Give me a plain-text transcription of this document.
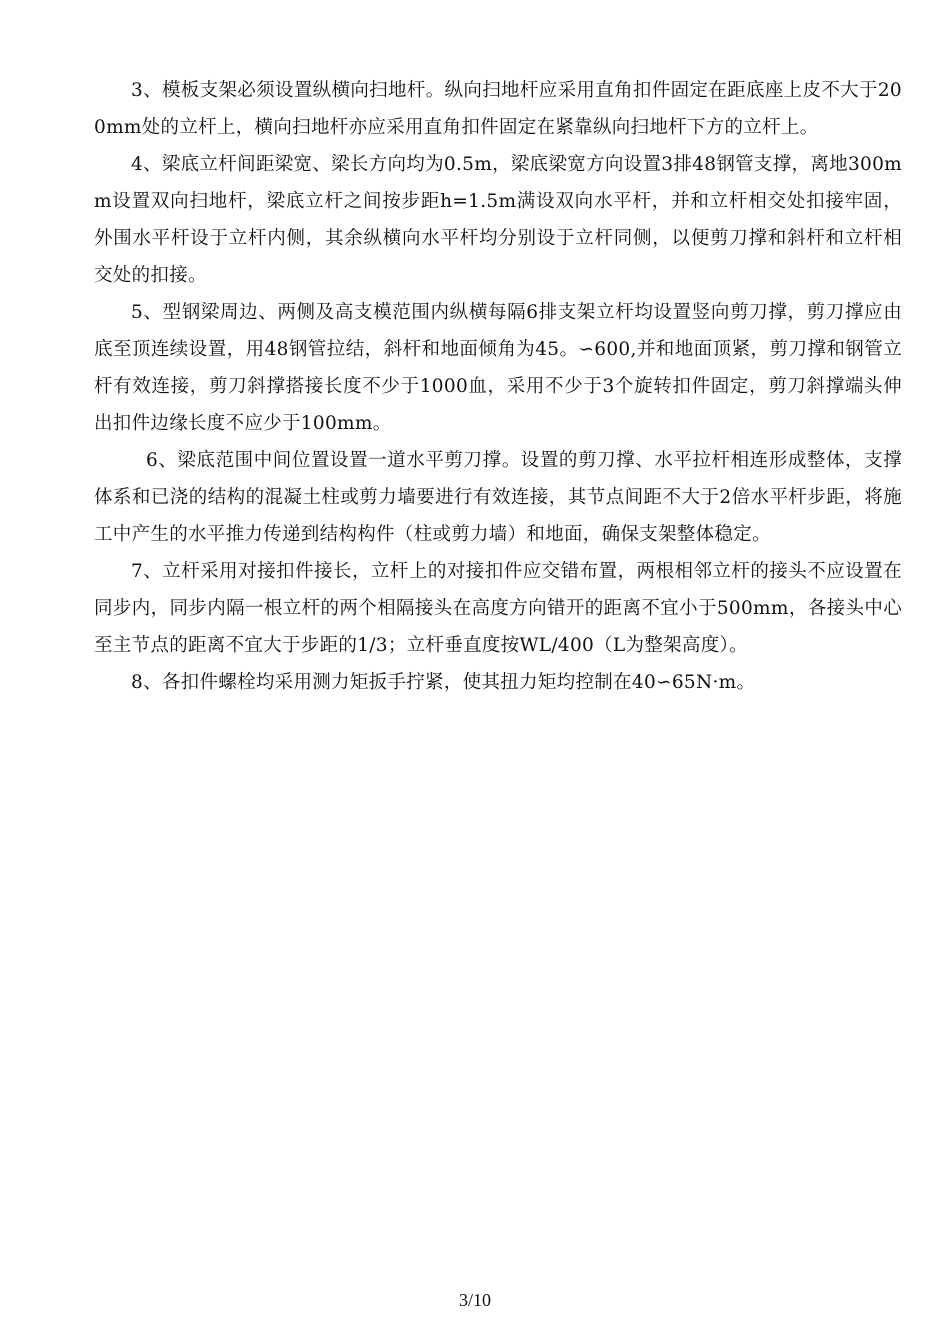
3、模板支架必须设置纵横向扫地杆。纵向扫地杆应采用直角扣件固定在距底座上皮不大于200mm处的立杆上，横向扫地杆亦应采用直角扣件固定在紧靠纵向扫地杆下方的立杆上。

4、梁底立杆间距梁宽、梁长方向均为0.5m，梁底梁宽方向设置3排48钢管支撑，离地300mm设置双向扫地杆，梁底立杆之间按步距h=1.5m满设双向水平杆，并和立杆相交处扣接牢固，外围水平杆设于立杆内侧，其余纵横向水平杆均分别设于立杆同侧，以便剪刀撑和斜杆和立杆相交处的扣接。

5、型钢梁周边、两侧及高支模范围内纵横每隔6排支架立杆均设置竖向剪刀撑，剪刀撑应由底至顶连续设置，用48钢管拉结，斜杆和地面倾角为45。∽600,并和地面顶紧，剪刀撑和钢管立杆有效连接，剪刀斜撑搭接长度不少于1000血，采用不少于3个旋转扣件固定，剪刀斜撑端头伸出扣件边缘长度不应少于100mm。

6、梁底范围中间位置设置一道水平剪刀撑。设置的剪刀撑、水平拉杆相连形成整体，支撑体系和已浇的结构的混凝土柱或剪力墙要进行有效连接，其节点间距不大于2倍水平杆步距，将施工中产生的水平推力传递到结构构件（柱或剪力墙）和地面，确保支架整体稳定。

7、立杆采用对接扣件接长，立杆上的对接扣件应交错布置，两根相邻立杆的接头不应设置在同步内，同步内隔一根立杆的两个相隔接头在高度方向错开的距离不宜小于500mm，各接头中心至主节点的距离不宜大于步距的1/3；立杆垂直度按WL/400（L为整架高度）。

8、各扣件螺栓均采用测力矩扳手拧紧，使其扭力矩均控制在40∽65N·m。

3/10
